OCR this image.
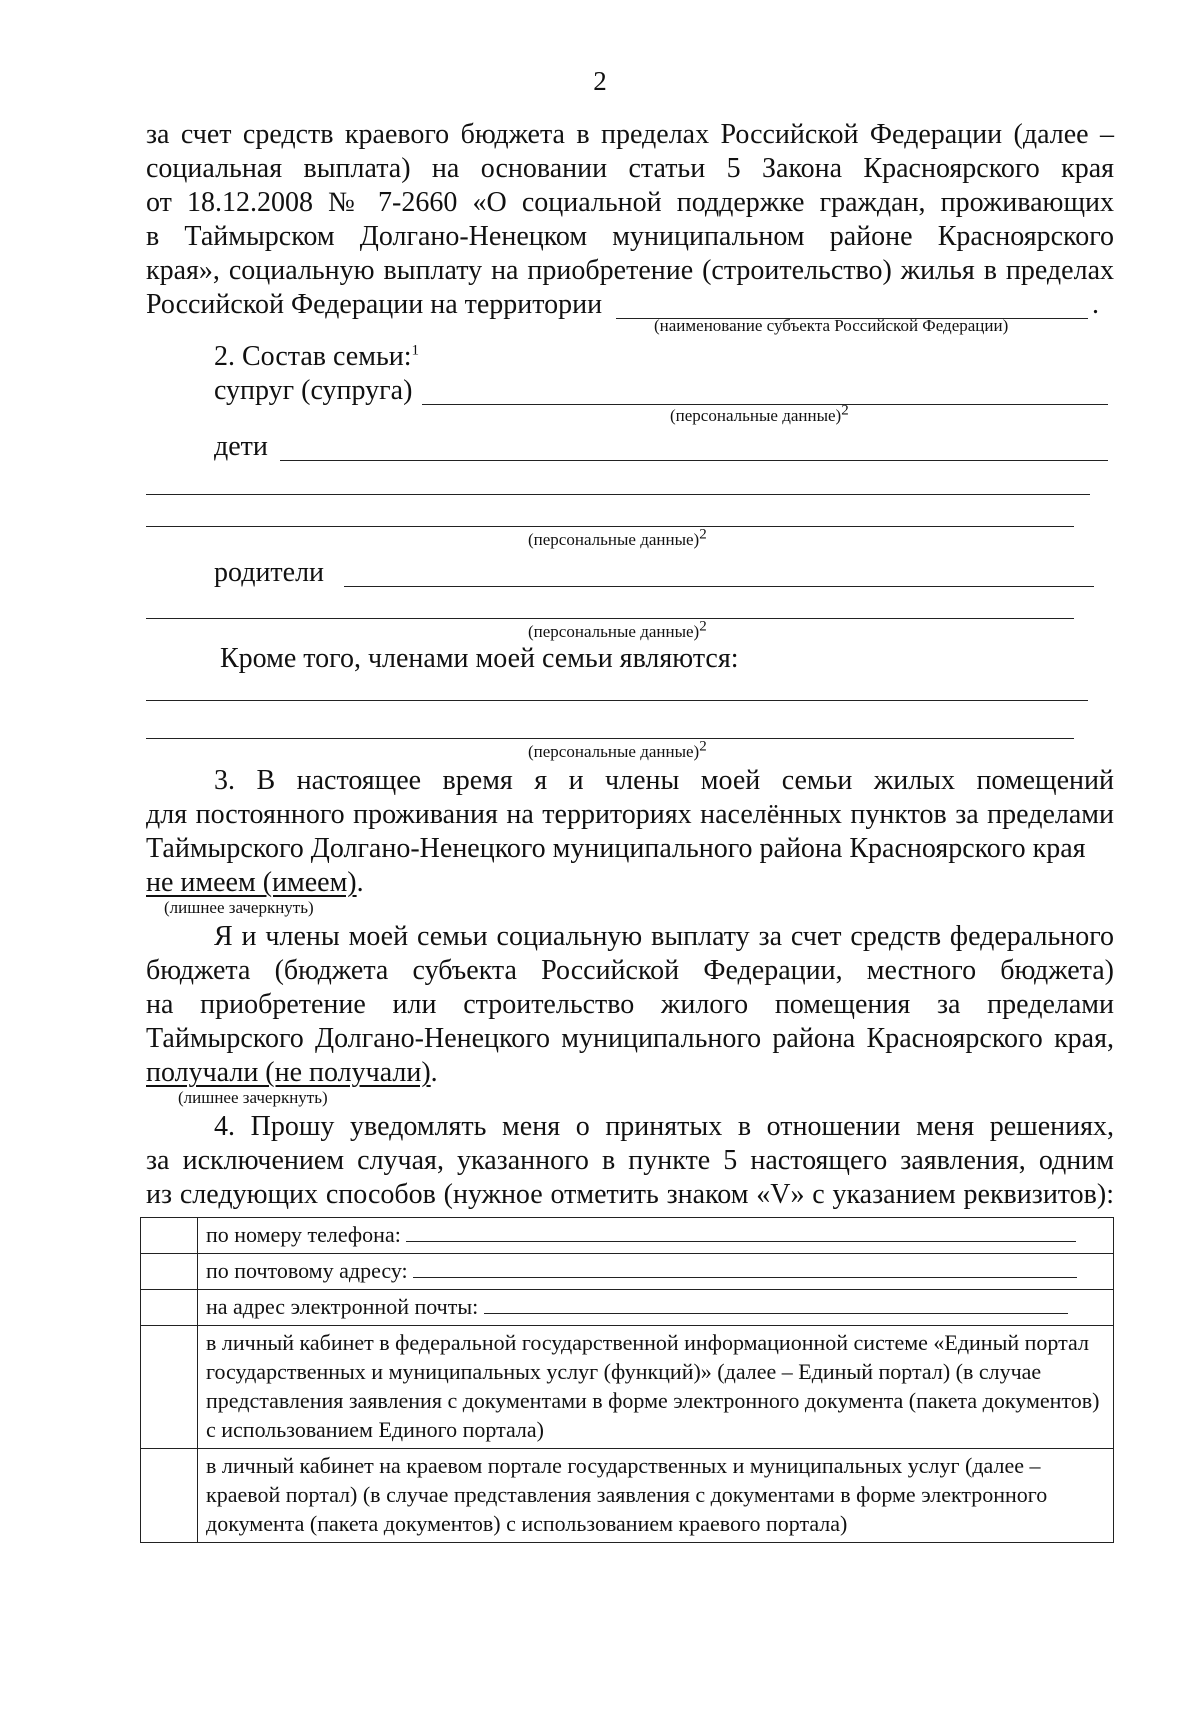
2
за счет средств краевого бюджета в пределах Российской Федерации (далее –
социальная выплата) на основании статьи 5 Закона Красноярского края
от 18.12.2008 № 7-2660 «О социальной поддержке граждан, проживающих
в Таймырском Долгано-Ненецком муниципальном районе Красноярского
края», социальную выплату на приобретение (строительство) жилья в пределах
Российской Федерации на территории	.
(наименование субъекта Российской Федерации)
2. Состав семьи:$^1$
супруг (супруга)
(персональные данные)$^2$
дети
(персональные данные)$^2$
родители
(персональные данные)$^2$
Кроме того, членами моей семьи являются:
(персональные данные)$^2$
3. В настоящее время я и члены моей семьи жилых помещений
для постоянного проживания на территориях населённых пунктов за пределами
Таймырского Долгано-Ненецкого муниципального района Красноярского края
не имеем (имеем).
(лишнее зачеркнуть)
Я и члены моей семьи социальную выплату за счет средств федерального
бюджета (бюджета субъекта Российской Федерации, местного бюджета)
на приобретение или строительство жилого помещения за пределами
Таймырского Долгано-Ненецкого муниципального района Красноярского края,
получали (не получали).
(лишнее зачеркнуть)
4. Прошу уведомлять меня о принятых в отношении меня решениях,
за исключением случая, указанного в пункте 5 настоящего заявления, одним
из следующих способов (нужное отметить знаком «V» с указанием реквизитов):
	по номеру телефона:
	по почтовому адресу:
	на адрес электронной почты:
	в личный кабинет в федеральной государственной информационной системе «Единый портал государственных и муниципальных услуг (функций)» (далее – Единый портал) (в случае представления заявления с документами в форме электронного документа (пакета документов) с использованием Единого портала)
	в личный кабинет на краевом портале государственных и муниципальных услуг (далее – краевой портал) (в случае представления заявления с документами в форме электронного документа (пакета документов) с использованием краевого портала)
